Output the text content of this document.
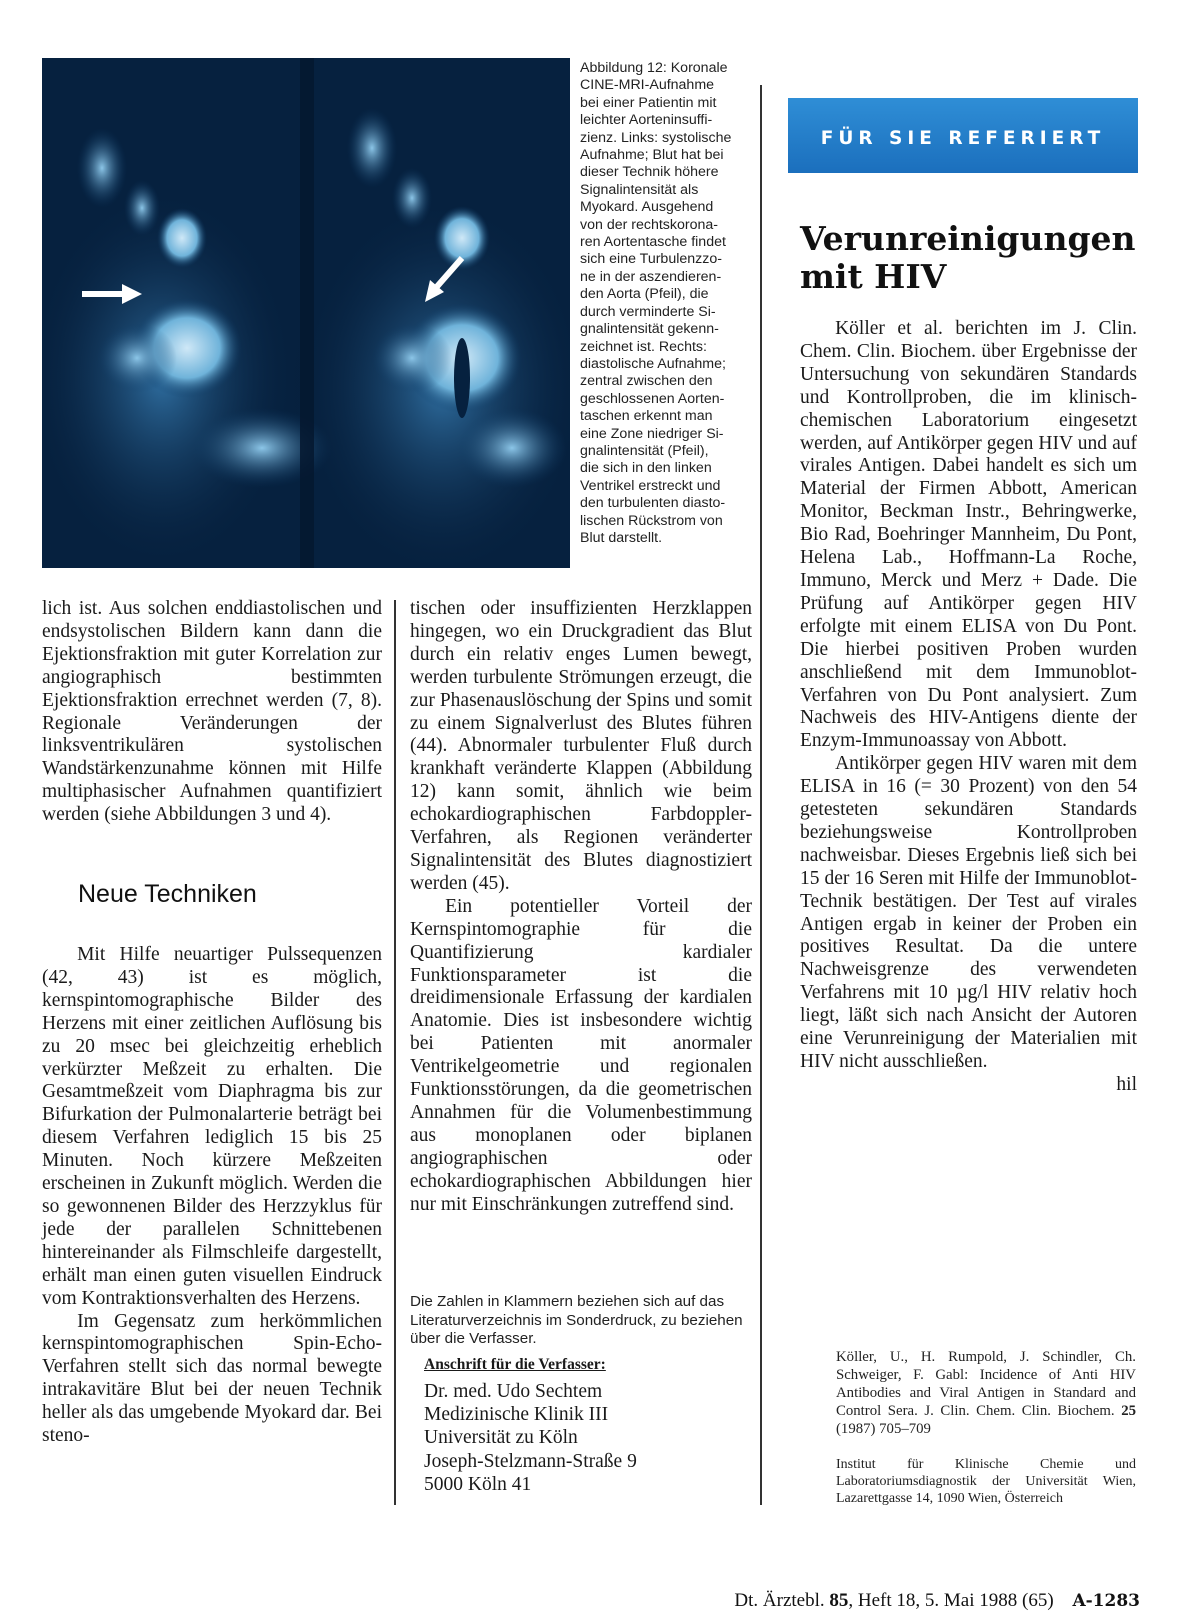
Abbildung 12: Koronale
CINE-MRI-Aufnahme
bei einer Patientin mit
leichter Aorteninsuffi-
zienz. Links: systolische
Aufnahme; Blut hat bei
dieser Technik höhere
Signalintensität als
Myokard. Ausgehend
von der rechtskorona-
ren Aortentasche findet
sich eine Turbulenzzo-
ne in der aszendieren-
den Aorta (Pfeil), die
durch verminderte Si-
gnalintensität gekenn-
zeichnet ist. Rechts:
diastolische Aufnahme;
zentral zwischen den
geschlossenen Aorten-
taschen erkennt man
eine Zone niedriger Si-
gnalintensität (Pfeil),
die sich in den linken
Ventrikel erstreckt und
den turbulenten diasto-
lischen Rückstrom von
Blut darstellt.

lich ist. Aus solchen enddiastolischen und endsystolischen Bildern kann dann die Ejektionsfraktion mit guter Korrelation zur angiographisch bestimmten Ejektionsfraktion errechnet werden (7, 8). Regionale Veränderungen der linksventrikulären systolischen Wandstärkenzunahme können mit Hilfe multiphasischer Aufnahmen quantifiziert werden (siehe Abbildungen 3 und 4).

Neue Techniken

Mit Hilfe neuartiger Pulssequenzen (42, 43) ist es möglich, kernspintomographische Bilder des Herzens mit einer zeitlichen Auflösung bis zu 20 msec bei gleichzeitig erheblich verkürzter Meßzeit zu erhalten. Die Gesamtmeßzeit vom Diaphragma bis zur Bifurkation der Pulmonalarterie beträgt bei diesem Verfahren lediglich 15 bis 25 Minuten. Noch kürzere Meßzeiten erscheinen in Zukunft möglich. Werden die so gewonnenen Bilder des Herzzyklus für jede der parallelen Schnittebenen hintereinander als Filmschleife dargestellt, erhält man einen guten visuellen Eindruck vom Kontraktionsverhalten des Herzens.

Im Gegensatz zum herkömmlichen kernspintomographischen Spin-Echo-Verfahren stellt sich das normal bewegte intrakavitäre Blut bei der neuen Technik heller als das umgebende Myokard dar. Bei steno-

tischen oder insuffizienten Herzklappen hingegen, wo ein Druckgradient das Blut durch ein relativ enges Lumen bewegt, werden turbulente Strömungen erzeugt, die zur Phasenauslöschung der Spins und somit zu einem Signalverlust des Blutes führen (44). Abnormaler turbulenter Fluß durch krankhaft veränderte Klappen (Abbildung 12) kann somit, ähnlich wie beim echokardiographischen Farbdoppler-Verfahren, als Regionen veränderter Signalintensität des Blutes diagnostiziert werden (45).

Ein potentieller Vorteil der Kernspintomographie für die Quantifizierung kardialer Funktionsparameter ist die dreidimensionale Erfassung der kardialen Anatomie. Dies ist insbesondere wichtig bei Patienten mit anormaler Ventrikelgeometrie und regionalen Funktionsstörungen, da die geometrischen Annahmen für die Volumenbestimmung aus monoplanen oder biplanen angiographischen oder echokardiographischen Abbildungen hier nur mit Einschränkungen zutreffend sind.

Die Zahlen in Klammern beziehen sich auf das Literaturverzeichnis im Sonderdruck, zu beziehen über die Verfasser.
Anschrift für die Verfasser:
Dr. med. Udo Sechtem
Medizinische Klinik III
Universität zu Köln
Joseph-Stelzmann-Straße 9
5000 Köln 41
FÜR SIE REFERIERT
Verunreinigungen mit HIV

Köller et al. berichten im J. Clin. Chem. Clin. Biochem. über Ergebnisse der Untersuchung von sekundären Standards und Kontrollproben, die im klinisch-chemischen Laboratorium eingesetzt werden, auf Antikörper gegen HIV und auf virales Antigen. Dabei handelt es sich um Material der Firmen Abbott, American Monitor, Beckman Instr., Behringwerke, Bio Rad, Boehringer Mannheim, Du Pont, Helena Lab., Hoffmann-La Roche, Immuno, Merck und Merz + Dade. Die Prüfung auf Antikörper gegen HIV erfolgte mit einem ELISA von Du Pont. Die hierbei positiven Proben wurden anschließend mit dem Immunoblot-Verfahren von Du Pont analysiert. Zum Nachweis des HIV-Antigens diente der Enzym-Immunoassay von Abbott.

Antikörper gegen HIV waren mit dem ELISA in 16 (= 30 Prozent) von den 54 getesteten sekundären Standards beziehungsweise Kontrollproben nachweisbar. Dieses Ergebnis ließ sich bei 15 der 16 Seren mit Hilfe der Immunoblot-Technik bestätigen. Der Test auf virales Antigen ergab in keiner der Proben ein positives Resultat. Da die untere Nachweisgrenze des verwendeten Verfahrens mit 10 µg/l HIV relativ hoch liegt, läßt sich nach Ansicht der Autoren eine Verunreinigung der Materialien mit HIV nicht ausschließen.

hil

Köller, U., H. Rumpold, J. Schindler, Ch. Schweiger, F. Gabl: Incidence of Anti HIV Antibodies and Viral Antigen in Standard and Control Sera. J. Clin. Chem. Clin. Biochem. 25 (1987) 705–709
Institut für Klinische Chemie und Laboratoriumsdiagnostik der Universität Wien, Lazarettgasse 14, 1090 Wien, Österreich
Dt. Ärztebl. 85, Heft 18, 5. Mai 1988 (65) A-1283
